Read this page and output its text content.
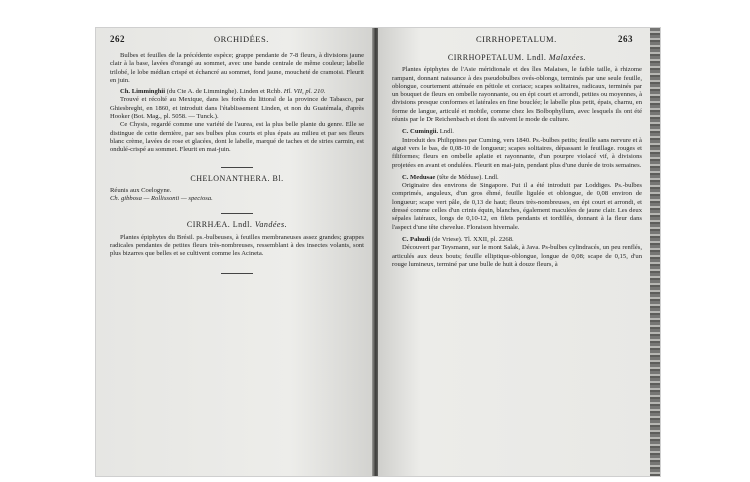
262	ORCHIDÉES.

Bulbes et feuilles de la précédente espèce; grappe pendante de 7-8 fleurs, à divisions jaune clair à la base, lavées d'orangé au sommet, avec une bande centrale de même couleur; labelle trilobé, le lobe médian crispé et échancré au sommet, fond jaune, moucheté de cramoisi. Fleurit en juin.

Ch. Limminghii (du Cte A. de Limminghe). Linden et Rchb. Hl. VII, pl. 210.

Trouvé et récolté au Mexique, dans les forêts du littoral de la province de Tabasco, par Ghiesbreght, en 1860, et introduit dans l'établissement Linden, et non du Guatémala, d'après Hooker (Bot. Mag., pl. 5058. — Tunck.).

Ce Chysis, regardé comme une variété de l'aurea, est la plus belle plante du genre. Elle se distingue de cette dernière, par ses bulbes plus courts et plus épais au milieu et par ses fleurs blanc crème, lavées de rose et glacées, dont le labelle, marqué de taches et de stries carmin, est ondulé-crispé au sommet. Fleurit en mai-juin.

CHELONANTHERA. Bl.

Réunis aux Coelogyne.

Ch. gibbosa — Rollissonii — speciosa.

CIRRHÆA. Lndl. Vandées.

Plantes épiphytes du Brésil. ps.-bulbeuses, à feuilles membraneuses assez grandes; grappes radicales pendantes de petites fleurs très-nombreuses, ressemblant à des insectes volants, sont plus bizarres que belles et se cultivent comme les Acineta.

CIRRHOPETALUM.	263
CIRRHOPETALUM. Lndl. Malaxées.

Plantes épiphytes de l'Asie méridionale et des îles Malaises, le faible taille, à rhizome rampant, donnant naissance à des pseudobulbes ovés-oblongs, terminés par une seule feuille, oblongue, courtement atténuée en pétiole et coriace; scapes solitaires, radicaux, terminés par un bouquet de fleurs en ombelle rayonnante, ou en épi court et arrondi, petites ou moyennes, à divisions presque conformes et latérales en fine bouclée; le labelle plus petit, épais, charnu, en forme de langue, articulé et mobile, comme chez les Bolbophyllum, avec lesquels ils ont été réunis par le Dr Reichenbach et dont ils suivent le mode de culture.

C. Cumingii. Lndl.

Introduit des Philippines par Cuming, vers 1840. Ps.-bulbes petits; feuille sans nervure et à aiguë vers le bas, de 0,08-10 de longueur; scapes solitaires, dépassant le feuillage. rouges et filiformes; fleurs en ombelle aplatie et rayonnante, d'un pourpre violacé vif, à divisions projetées en avant et ondulées. Fleurit en mai-juin, pendant plus d'une durée de trois semaines.

C. Medusae (tête de Méduse). Lndl.

Originaire des environs de Singapore. Fut il a été introduit par Loddiges. Ps.-bulbes comprimés, anguleux, d'un gros éhmé, feuille ligulée et oblongue, de 0,08 environ de longueur; scape vert pâle, de 0,13 de haut; fleurs très-nombreuses, en épi court et arrondi, et dressé comme celles d'un crinis équin, blanches, également maculées de jaune clair. Les deux sépales latéraux, longs de 0,10-12, en filets pendants et tordillés, donnant à la fleur dans l'aspect d'une tête chevelue. Floraison hivernale.

C. Pahudi (de Vriese). Tl. XXII, pl. 2268.

Découvert par Teysmann, sur le mont Salak, à Java. Ps-bulbes cylindracés, un peu renflés, articulés aux deux bouts; feuille elliptique-oblongue, longue de 0,08; scape de 0,15, d'un rouge lumineux, terminé par une bulle de huit à douze fleurs, à
